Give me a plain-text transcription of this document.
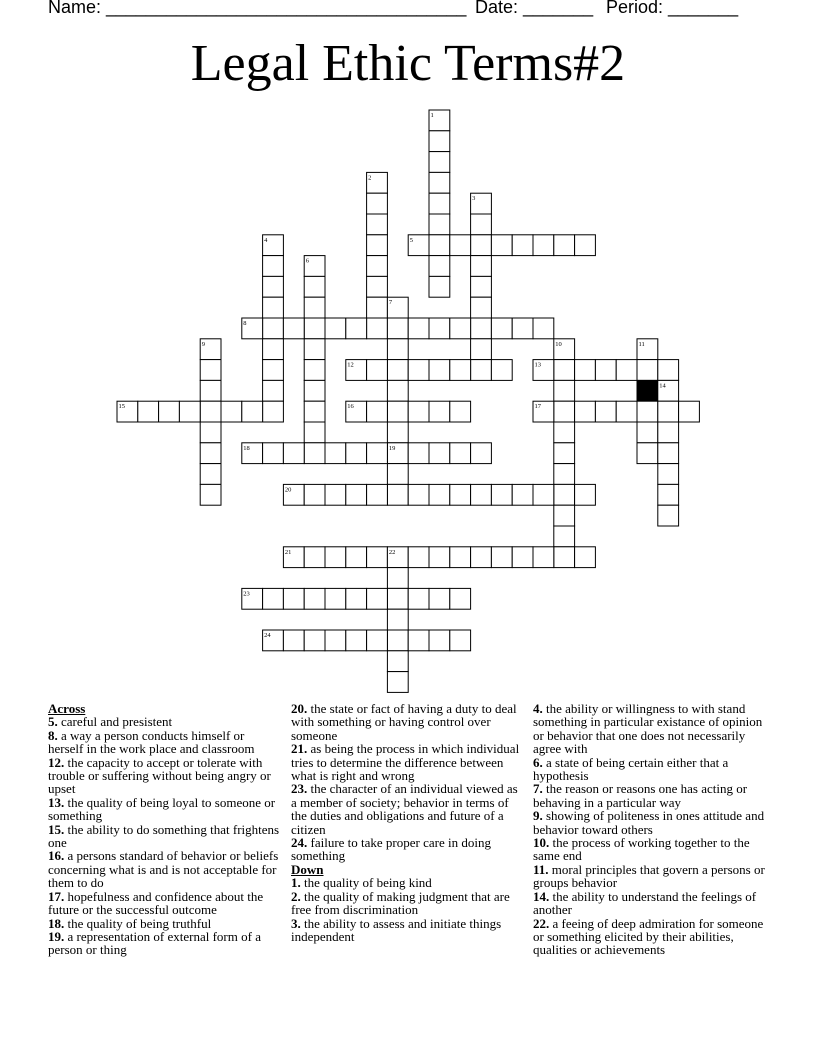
Name: ____________________________________ Date: _______ Period: _______
Legal Ethic Terms#2
1
2
3
4	5
6
7
8
9	10	11
12	13
14
15	16	17
18	19
20
21	22
23
24

Across

5. careful and presistent

8. a way a person conducts himself or herself in the work place and classroom

12. the capacity to accept or tolerate with trouble or suffering without being angry or upset

13. the quality of being loyal to someone or something

15. the ability to do something that frightens one

16. a persons standard of behavior or beliefs concerning what is and is not acceptable for them to do

17. hopefulness and confidence about the future or the successful outcome

18. the quality of being truthful

19. a representation of external form of a person or thing

20. the state or fact of having a duty to deal with something or having control over someone

21. as being the process in which individual tries to determine the difference between what is right and wrong

23. the character of an individual viewed as a member of society; behavior in terms of the duties and obligations and future of a citizen

24. failure to take proper care in doing something

Down

1. the quality of being kind

2. the quality of making judgment that are free from discrimination

3. the ability to assess and initiate things independent

4. the ability or willingness to with stand something in particular existance of opinion or behavior that one does not necessarily agree with

6. a state of being certain either that a hypothesis

7. the reason or reasons one has acting or behaving in a particular way

9. showing of politeness in ones attitude and behavior toward others

10. the process of working together to the same end

11. moral principles that govern a persons or groups behavior

14. the ability to understand the feelings of another

22. a feeing of deep admiration for someone or something elicited by their abilities, qualities or achievements
